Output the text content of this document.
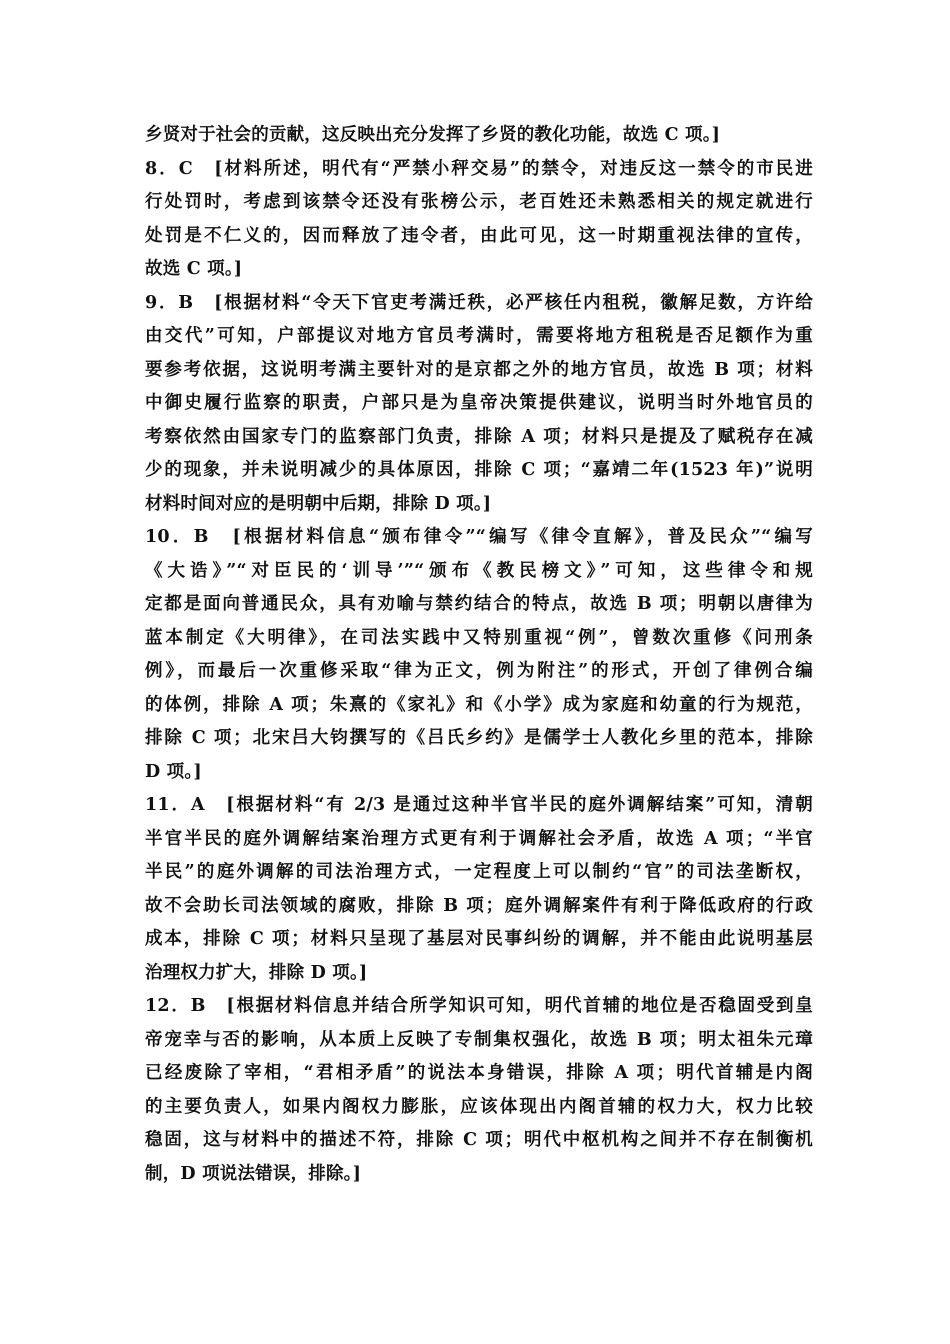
乡贤对于社会的贡献，这反映出充分发挥了乡贤的教化功能，故选 C 项。]
8．C　[材料所述，明代有“严禁小秤交易”的禁令，对违反这一禁令的市民进
行处罚时，考虑到该禁令还没有张榜公示，老百姓还未熟悉相关的规定就进行
处罚是不仁义的，因而释放了违令者，由此可见，这一时期重视法律的宣传，
故选 C 项。]
9．B　[根据材料“令天下官吏考满迁秩，必严核任内租税，徽解足数，方许给
由交代”可知，户部提议对地方官员考满时，需要将地方租税是否足额作为重
要参考依据，这说明考满主要针对的是京都之外的地方官员，故选 B 项；材料
中御史履行监察的职责，户部只是为皇帝决策提供建议，说明当时外地官员的
考察依然由国家专门的监察部门负责，排除 A 项；材料只是提及了赋税存在减
少的现象，并未说明减少的具体原因，排除 C 项；“嘉靖二年(1523 年)”说明
材料时间对应的是明朝中后期，排除 D 项。]
10．B　[根据材料信息“颁布律令”“编写《律令直解》，普及民众”“编写
《大诰》”“对臣民的‘训导’”“颁布《教民榜文》”可知，这些律令和规
定都是面向普通民众，具有劝喻与禁约结合的特点，故选 B 项；明朝以唐律为
蓝本制定《大明律》，在司法实践中又特别重视“例”，曾数次重修《问刑条
例》，而最后一次重修采取“律为正文，例为附注”的形式，开创了律例合编
的体例，排除 A 项；朱熹的《家礼》和《小学》成为家庭和幼童的行为规范，
排除 C 项；北宋吕大钧撰写的《吕氏乡约》是儒学士人教化乡里的范本，排除
D 项。]
11．A　[根据材料“有 2/3 是通过这种半官半民的庭外调解结案”可知，清朝
半官半民的庭外调解结案治理方式更有利于调解社会矛盾，故选 A 项；“半官
半民”的庭外调解的司法治理方式，一定程度上可以制约“官”的司法垄断权，
故不会助长司法领域的腐败，排除 B 项；庭外调解案件有利于降低政府的行政
成本，排除 C 项；材料只呈现了基层对民事纠纷的调解，并不能由此说明基层
治理权力扩大，排除 D 项。]
12．B　[根据材料信息并结合所学知识可知，明代首辅的地位是否稳固受到皇
帝宠幸与否的影响，从本质上反映了专制集权强化，故选 B 项；明太祖朱元璋
已经废除了宰相，“君相矛盾”的说法本身错误，排除 A 项；明代首辅是内阁
的主要负责人，如果内阁权力膨胀，应该体现出内阁首辅的权力大，权力比较
稳固，这与材料中的描述不符，排除 C 项；明代中枢机构之间并不存在制衡机
制，D 项说法错误，排除。]
